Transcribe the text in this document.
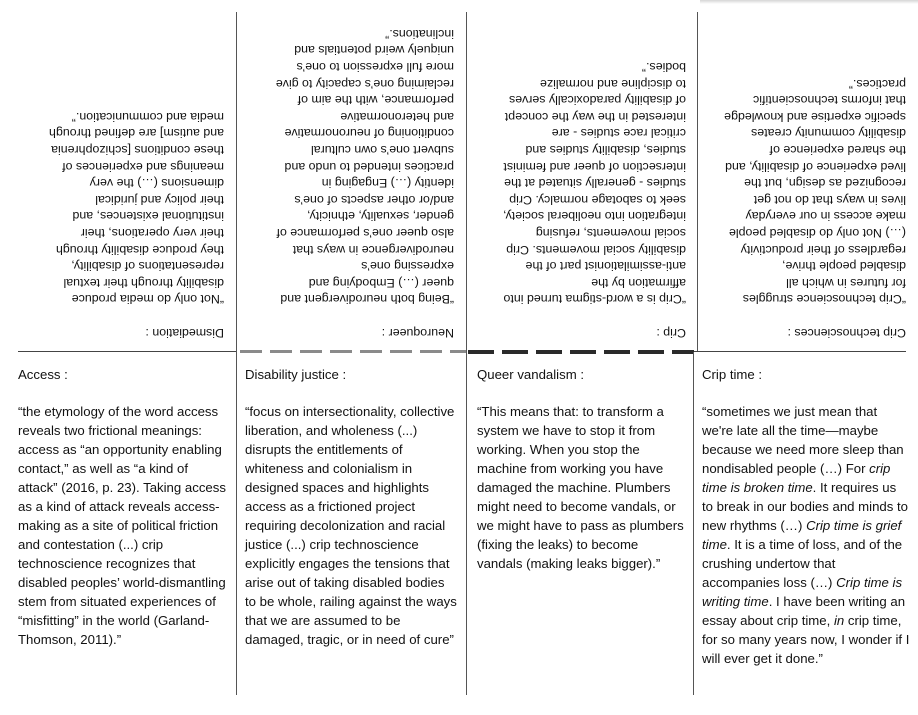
Crip technosciences :
“Crip technoscience struggles
for futures in which all
disabled people thrive,
regardless of their productivity
(…) Not only do disabled people
make access in our everyday
lives in ways that do not get
recognized as design, but the
lived experience of disability, and
the shared experience of
disability community creates
specific expertise and knowledge
that informs technoscientific
practices.”
Crip :
“Crip is a word-stigma turned into
affirmation by the
anti-assimilationist part of the
disability social movements. Crip
social movements, refusing
integration into neoliberal society,
seek to sabotage normalcy. Crip
studies - generally situated at the
intersection of queer and feminist
studies, disability studies and
critical race studies - are
interested in the way the concept
of disability paradoxically serves
to discipline and normalize
bodies.”
Neuroqueer :
“Being both neurodivergent and
queer (…) Embodying and
expressing one’s
neurodivergence in ways that
also queer one’s performance of
gender, sexuality, ethnicity,
and/or other aspects of one’s
identity (…) Engaging in
practices intended to undo and
subvert one’s own cultural
conditioning of neuronormative
and heteronormative
performance, with the aim of
reclaiming one’s capacity to give
more full expression to one’s
uniquely weird potentials and
inclinations.”
Dismediation :
“Not only do media produce
disability through their textual
representations of disability,
they produce disability through
their very operations, their
institutional existences, and
their policy and juridical
dimensions (…) the very
meanings and experiences of
these conditions [schizophrenia
and autism] are defined through
media and communication.”
Access :
“the etymology of the word access reveals two frictional meanings: access as “an opportunity enabling contact,” as well as “a kind of attack” (2016, p. 23). Taking access as a kind of attack reveals access-making as a site of political friction and contestation (...) crip technoscience recognizes that disabled peoples’ world-dismantling stem from situated experiences of “misfitting” in the world (Garland-Thomson, 2011).”
Disability justice :
“focus on intersectionality, collective liberation, and wholeness (...) disrupts the entitlements of whiteness and colonialism in designed spaces and highlights access as a frictioned project requiring decolonization and racial justice (...) crip technoscience explicitly engages the tensions that arise out of taking disabled bodies to be whole, railing against the ways that we are assumed to be damaged, tragic, or in need of cure”
Queer vandalism :
“This means that: to transform a system we have to stop it from working. When you stop the machine from working you have damaged the machine. Plumbers might need to become vandals, or we might have to pass as plumbers (fixing the leaks) to become vandals (making leaks bigger).”
Crip time :
“sometimes we just mean that we're late all the time—maybe because we need more sleep than nondisabled people (…) For crip time is broken time. It requires us to break in our bodies and minds to new rhythms (…) Crip time is grief time. It is a time of loss, and of the crushing undertow that accompanies loss (…) Crip time is writing time. I have been writing an essay about crip time, in crip time, for so many years now, I wonder if I will ever get it done.”
